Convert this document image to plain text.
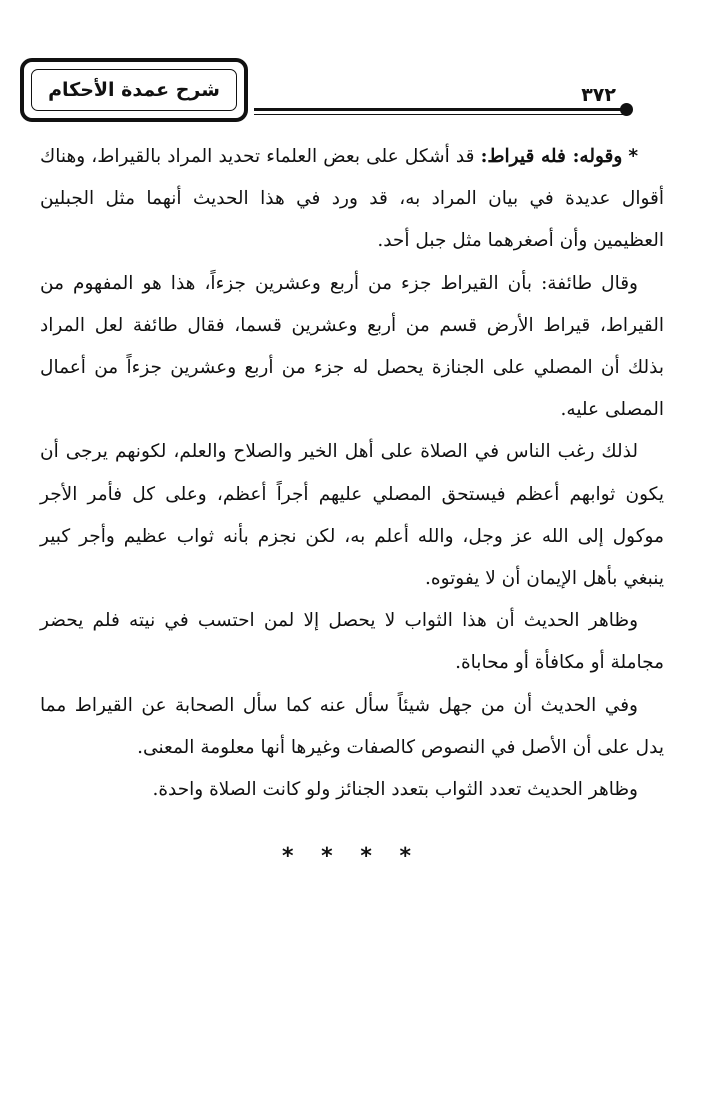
شرح عمدة الأحكام	٣٧٢

*وقوله: فله قيراط: قد أشكل على بعض العلماء تحديد المراد بالقيراط، وهناك أقوال عديدة في بيان المراد به، قد ورد في هذا الحديث أنهما مثل الجبلين العظيمين وأن أصغرهما مثل جبل أحد.

وقال طائفة: بأن القيراط جزء من أربع وعشرين جزءاً، هذا هو المفهوم من القيراط، قيراط الأرض قسم من أربع وعشرين قسما، فقال طائفة لعل المراد بذلك أن المصلي على الجنازة يحصل له جزء من أربع وعشرين جزءاً من أعمال المصلى عليه.

لذلك رغب الناس في الصلاة على أهل الخير والصلاح والعلم، لكونهم يرجى أن يكون ثوابهم أعظم فيستحق المصلي عليهم أجراً أعظم، وعلى كل فأمر الأجر موكول إلى الله عز وجل، والله أعلم به، لكن نجزم بأنه ثواب عظيم وأجر كبير ينبغي بأهل الإيمان أن لا يفوتوه.

وظاهر الحديث أن هذا الثواب لا يحصل إلا لمن احتسب في نيته فلم يحضر مجاملة أو مكافأة أو محاباة.

وفي الحديث أن من جهل شيئاً سأل عنه كما سأل الصحابة عن القيراط مما يدل على أن الأصل في النصوص كالصفات وغيرها أنها معلومة المعنى.

وظاهر الحديث تعدد الثواب بتعدد الجنائز ولو كانت الصلاة واحدة.

* * * *
